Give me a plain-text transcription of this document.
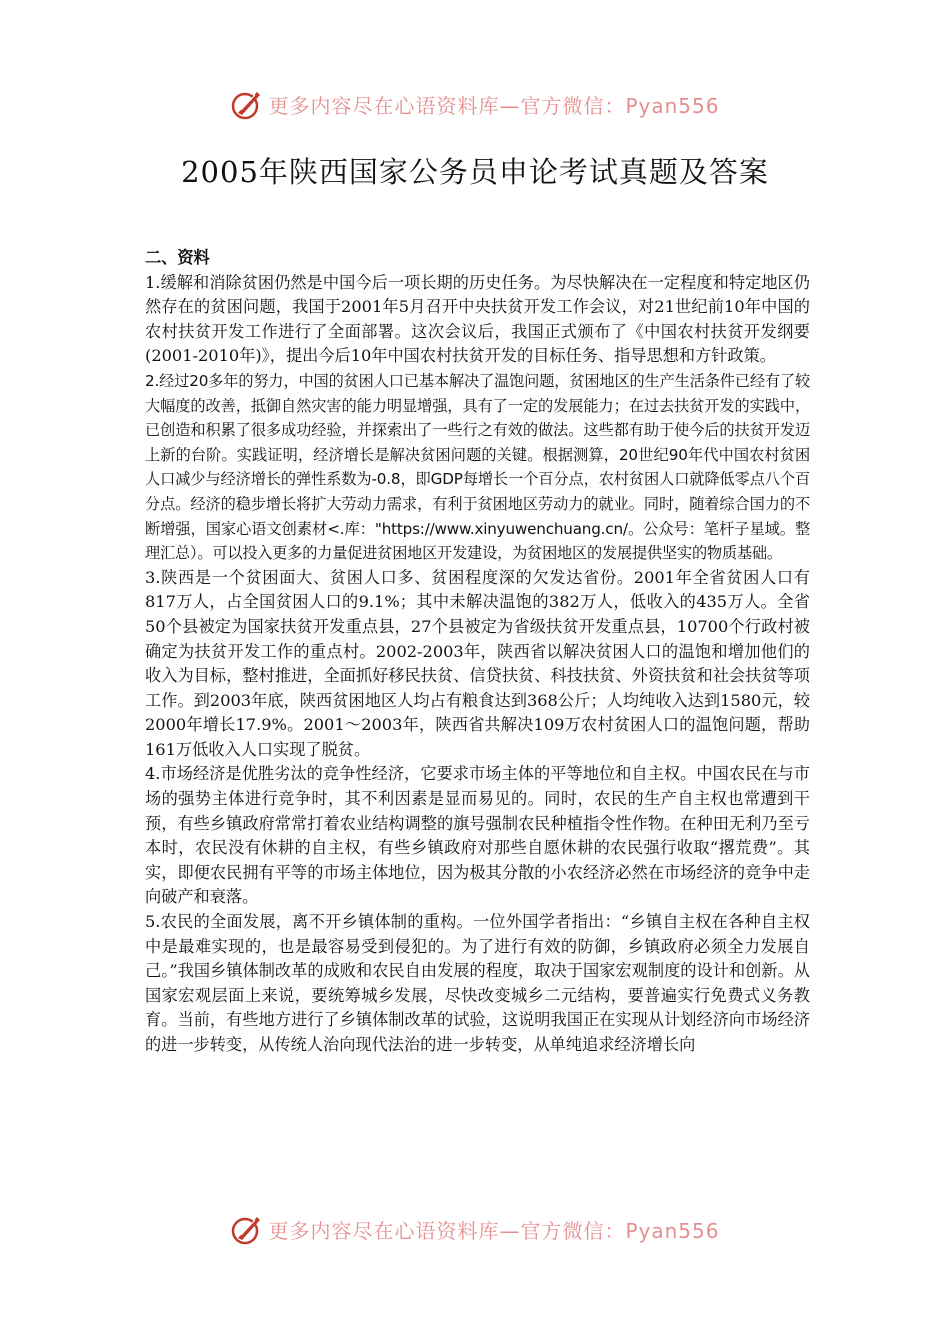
更多内容尽在心语资料库—官方微信：Pyan556
2005年陕西国家公务员申论考试真题及答案

二、资料

1.缓解和消除贫困仍然是中国今后一项长期的历史任务。为尽快解决在一定程度和特定地区仍然存在的贫困问题，我国于2001年5月召开中央扶贫开发工作会议，对21世纪前10年中国的农村扶贫开发工作进行了全面部署。这次会议后，我国正式颁布了《中国农村扶贫开发纲要(2001-2010年)》，提出今后10年中国农村扶贫开发的目标任务、指导思想和方针政策。

2.经过20多年的努力，中国的贫困人口已基本解决了温饱问题，贫困地区的生产生活条件已经有了较大幅度的改善，抵御自然灾害的能力明显增强，具有了一定的发展能力；在过去扶贫开发的实践中，已创造和积累了很多成功经验，并探索出了一些行之有效的做法。这些都有助于使今后的扶贫开发迈上新的台阶。实践证明，经济增长是解决贫困问题的关键。根据测算，20世纪90年代中国农村贫困人口减少与经济增长的弹性系数为-0.8，即GDP每增长一个百分点，农村贫困人口就降低零点八个百分点。经济的稳步增长将扩大劳动力需求，有利于贫困地区劳动力的就业。同时，随着综合国力的不断增强，国家心语文创素材<.库："https://www.xinyuwenchuang.cn/。公众号：笔杆子星域。整理汇总）。可以投入更多的力量促进贫困地区开发建设，为贫困地区的发展提供坚实的物质基础。

3.陕西是一个贫困面大、贫困人口多、贫困程度深的欠发达省份。2001年全省贫困人口有817万人，占全国贫困人口的9.1%；其中未解决温饱的382万人，低收入的435万人。全省50个县被定为国家扶贫开发重点县，27个县被定为省级扶贫开发重点县，10700个行政村被确定为扶贫开发工作的重点村。2002-2003年，陕西省以解决贫困人口的温饱和增加他们的收入为目标，整村推进，全面抓好移民扶贫、信贷扶贫、科技扶贫、外资扶贫和社会扶贫等项工作。到2003年底，陕西贫困地区人均占有粮食达到368公斤；人均纯收入达到1580元，较2000年增长17.9%。2001～2003年，陕西省共解决109万农村贫困人口的温饱问题，帮助161万低收入人口实现了脱贫。

4.市场经济是优胜劣汰的竞争性经济，它要求市场主体的平等地位和自主权。中国农民在与市场的强势主体进行竞争时，其不利因素是显而易见的。同时，农民的生产自主权也常遭到干预，有些乡镇政府常常打着农业结构调整的旗号强制农民种植指令性作物。在种田无利乃至亏本时，农民没有休耕的自主权，有些乡镇政府对那些自愿休耕的农民强行收取“撂荒费”。其实，即便农民拥有平等的市场主体地位，因为极其分散的小农经济必然在市场经济的竞争中走向破产和衰落。

5.农民的全面发展，离不开乡镇体制的重构。一位外国学者指出：“乡镇自主权在各种自主权中是最难实现的，也是最容易受到侵犯的。为了进行有效的防御，乡镇政府必须全力发展自己。”我国乡镇体制改革的成败和农民自由发展的程度，取决于国家宏观制度的设计和创新。从国家宏观层面上来说，要统筹城乡发展，尽快改变城乡二元结构，要普遍实行免费式义务教育。当前，有些地方进行了乡镇体制改革的试验，这说明我国正在实现从计划经济向市场经济的进一步转变，从传统人治向现代法治的进一步转变，从单纯追求经济增长向

更多内容尽在心语资料库—官方微信：Pyan556
